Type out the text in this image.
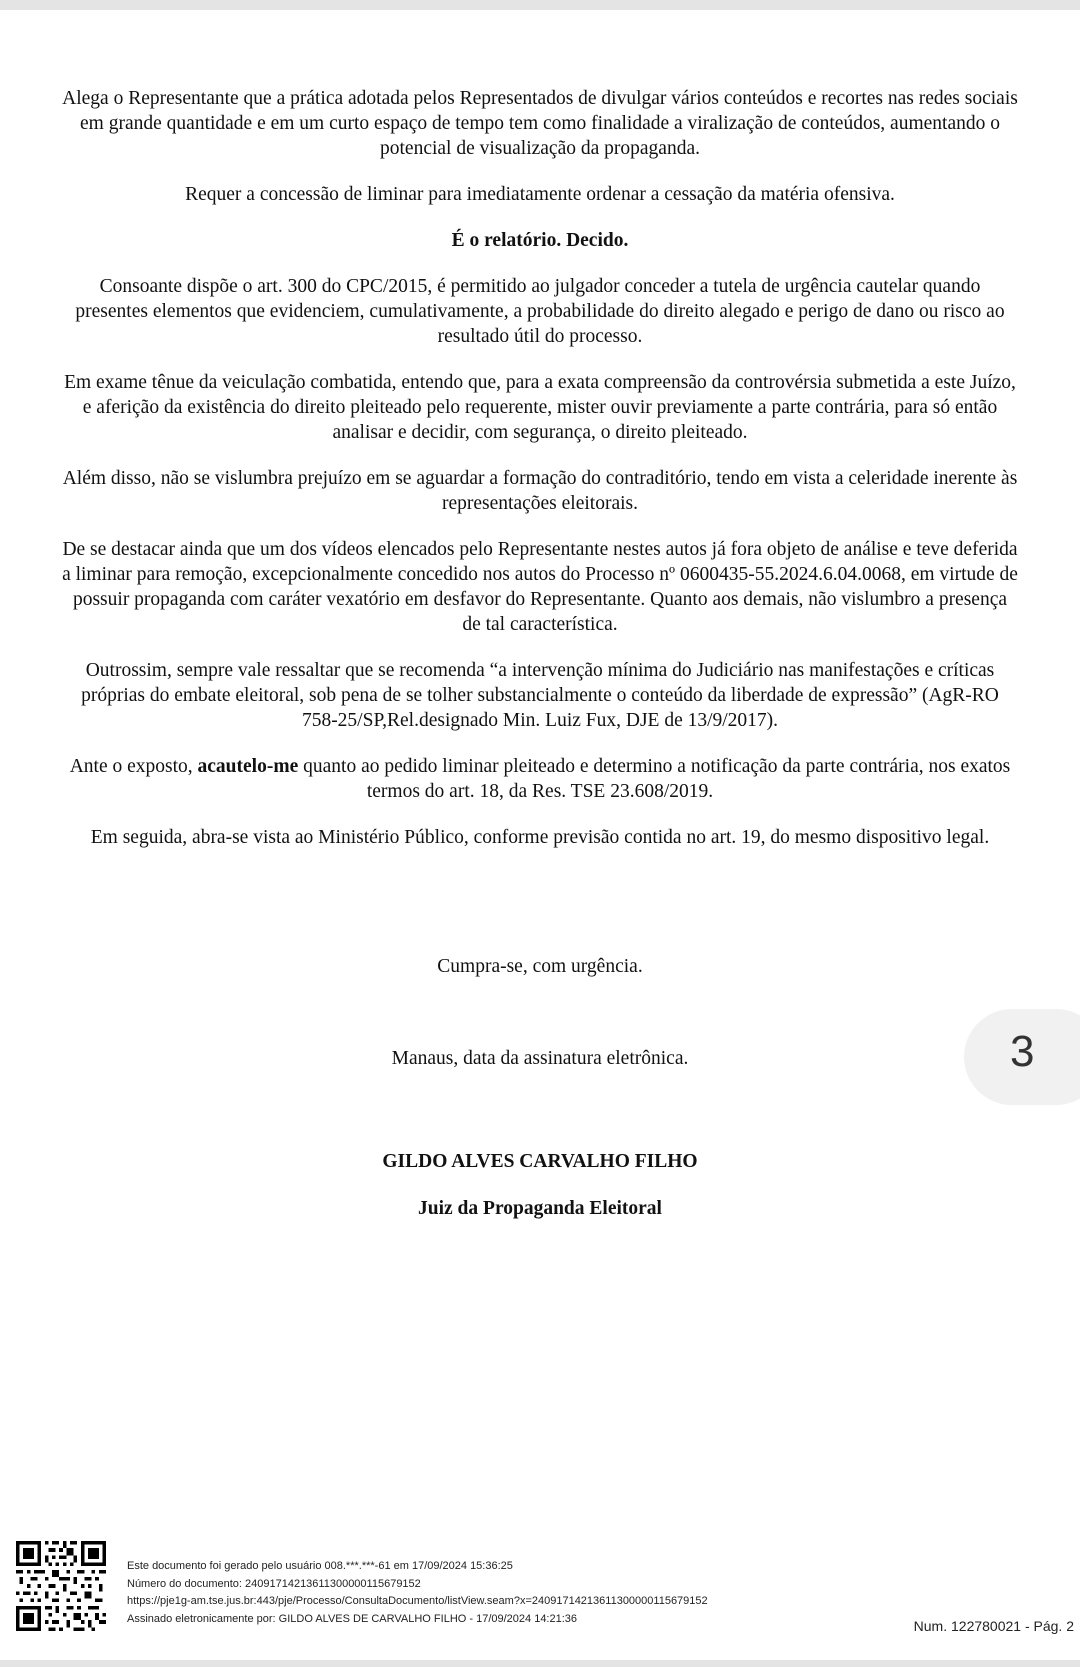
Alega o Representante que a prática adotada pelos Representados de divulgar vários conteúdos e recortes nas redes sociais em grande quantidade e em um curto espaço de tempo tem como finalidade a viralização de conteúdos, aumentando o potencial de visualização da propaganda.

Requer a concessão de liminar para imediatamente ordenar a cessação da matéria ofensiva.

É o relatório. Decido.

Consoante dispõe o art. 300 do CPC/2015, é permitido ao julgador conceder a tutela de urgência cautelar quando presentes elementos que evidenciem, cumulativamente, a probabilidade do direito alegado e perigo de dano ou risco ao resultado útil do processo.

Em exame tênue da veiculação combatida, entendo que, para a exata compreensão da controvérsia submetida a este Juízo, e aferição da existência do direito pleiteado pelo requerente, mister ouvir previamente a parte contrária, para só então analisar e decidir, com segurança, o direito pleiteado.

Além disso, não se vislumbra prejuízo em se aguardar a formação do contraditório, tendo em vista a celeridade inerente às representações eleitorais.

De se destacar ainda que um dos vídeos elencados pelo Representante nestes autos já fora objeto de análise e teve deferida a liminar para remoção, excepcionalmente concedido nos autos do Processo nº 0600435-55.2024.6.04.0068, em virtude de possuir propaganda com caráter vexatório em desfavor do Representante. Quanto aos demais, não vislumbro a presença de tal característica.

Outrossim, sempre vale ressaltar que se recomenda “a intervenção mínima do Judiciário nas manifestações e críticas próprias do embate eleitoral, sob pena de se tolher substancialmente o conteúdo da liberdade de expressão” (AgR-RO 758-25/SP,Rel.designado Min. Luiz Fux, DJE de 13/9/2017).

Ante o exposto, acautelo-me quanto ao pedido liminar pleiteado e determino a notificação da parte contrária, nos exatos termos do art. 18, da Res. TSE 23.608/2019.

Em seguida, abra-se vista ao Ministério Público, conforme previsão contida no art. 19, do mesmo dispositivo legal.

Cumpra-se, com urgência.
Manaus, data da assinatura eletrônica.
GILDO ALVES CARVALHO FILHO
Juiz da Propaganda Eleitoral
3
Este documento foi gerado pelo usuário 008.***.***-61 em 17/09/2024 15:36:25
Número do documento: 24091714213611300000115679152
https://pje1g-am.tse.jus.br:443/pje/Processo/ConsultaDocumento/listView.seam?x=24091714213611300000115679152
Assinado eletronicamente por: GILDO ALVES DE CARVALHO FILHO - 17/09/2024 14:21:36	Num. 122780021 - Pág. 2
